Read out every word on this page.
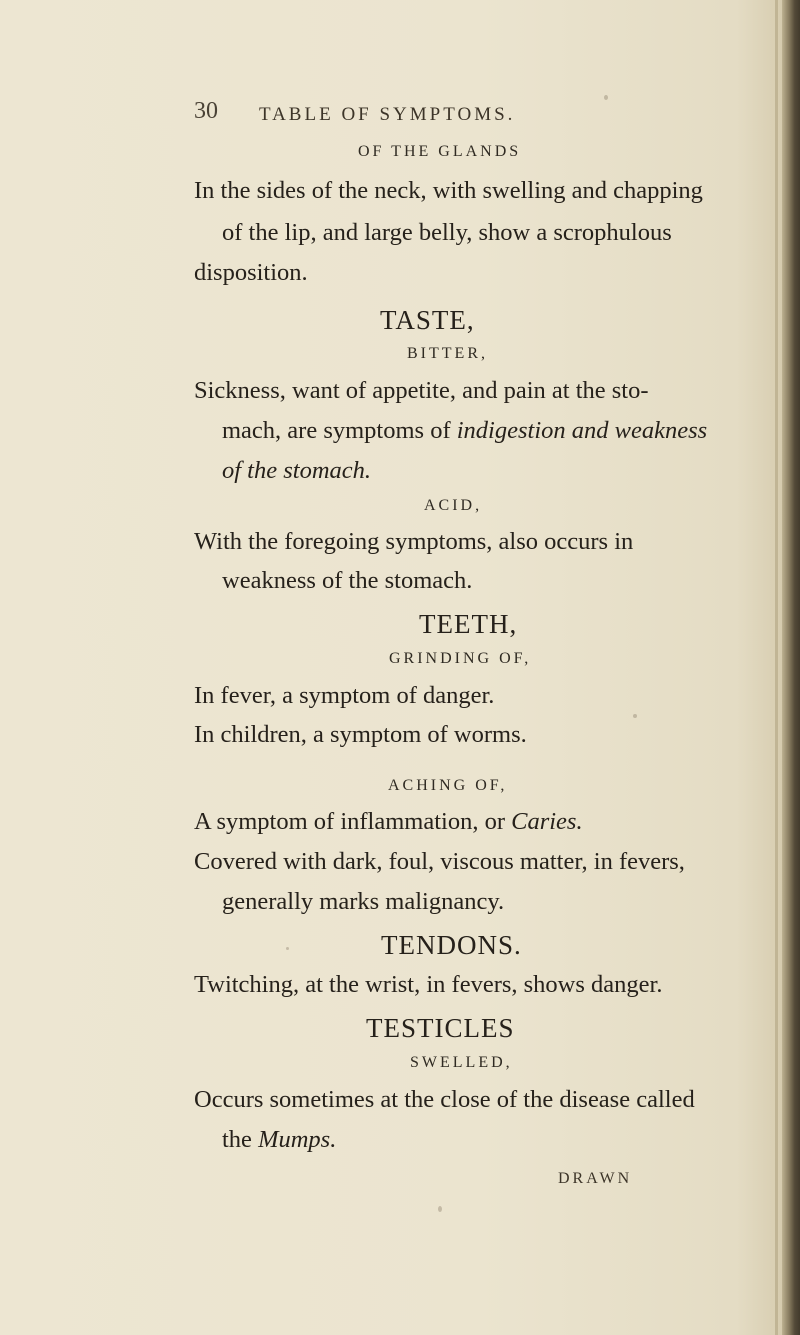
30 TABLE OF SYMPTOMS.
OF THE GLANDS
In the sides of the neck, with swelling and chapping
of the lip, and large belly, show a scrophulous
disposition.
TASTE,
BITTER,
Sickness, want of appetite, and pain at the sto-
mach, are symptoms of indigestion and weakness
of the stomach.
ACID,
With the foregoing symptoms, also occurs in
weakness of the stomach.
TEETH,
GRINDING OF,
In fever, a symptom of danger.
In children, a symptom of worms.
ACHING OF,
A symptom of inflammation, or Caries.
Covered with dark, foul, viscous matter, in fevers,
generally marks malignancy.
TENDONS.
Twitching, at the wrist, in fevers, shows danger.
TESTICLES
SWELLED,
Occurs sometimes at the close of the disease called
the Mumps.
DRAWN
